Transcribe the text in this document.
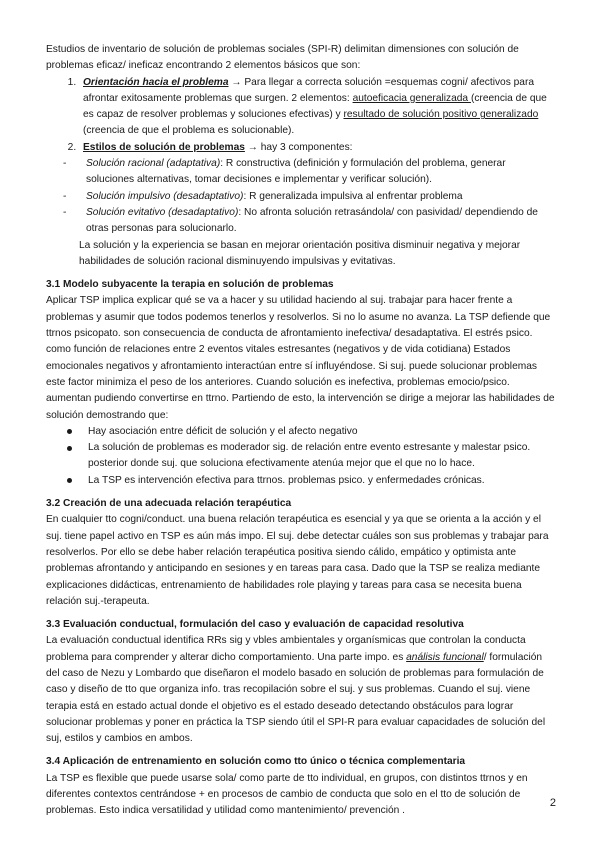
Estudios de inventario de solución de problemas sociales (SPI-R) delimitan dimensiones con solución de problemas eficaz/ ineficaz encontrando 2 elementos básicos que son:

1. Orientación hacia el problema → Para llegar a correcta solución =esquemas cogni/ afectivos para afrontar exitosamente problemas que surgen. 2 elementos: autoeficacia generalizada (creencia de que es capaz de resolver problemas y soluciones efectivas) y resultado de solución positivo generalizado (creencia de que el problema es solucionable).
2. Estilos de solución de problemas → hay 3 componentes:
- Solución racional (adaptativa): R constructiva (definición y formulación del problema, generar soluciones alternativas, tomar decisiones e implementar y verificar solución).
- Solución impulsivo (desadaptativo): R generalizada impulsiva al enfrentar problema
- Solución evitativo (desadaptativo): No afronta solución retrasándola/ con pasividad/ dependiendo de otras personas para solucionarlo.

La solución y la experiencia se basan en mejorar orientación positiva disminuir negativa y mejorar habilidades de solución racional disminuyendo impulsivas y evitativas.

3.1 Modelo subyacente la terapia en solución de problemas

Aplicar TSP implica explicar qué se va a hacer y su utilidad haciendo al suj. trabajar para hacer frente a problemas y asumir que todos podemos tenerlos y resolverlos. Si no lo asume no avanza. La TSP defiende que ttrnos psicopato. son consecuencia de conducta de afrontamiento inefectiva/ desadaptativa. El estrés psico. como función de relaciones entre 2 eventos vitales estresantes (negativos y de vida cotidiana) Estados emocionales negativos y afrontamiento interactúan entre sí influyéndose. Si suj. puede solucionar problemas este factor minimiza el peso de los anteriores. Cuando solución es inefectiva, problemas emocio/psico. aumentan pudiendo convertirse en ttrno. Partiendo de esto, la intervención se dirige a mejorar las habilidades de solución demostrando que:

Hay asociación entre déficit de solución y el afecto negativo
La solución de problemas es moderador sig. de relación entre evento estresante y malestar psico. posterior donde suj. que soluciona efectivamente atenúa mejor que el que no lo hace.
La TSP es intervención efectiva para ttrnos. problemas psico. y enfermedades crónicas.
3.2 Creación de una adecuada relación terapéutica

En cualquier tto cogni/conduct. una buena relación terapéutica es esencial y ya que se orienta a la acción y el suj. tiene papel activo en TSP es aún más impo. El suj. debe detectar cuáles son sus problemas y trabajar para resolverlos. Por ello se debe haber relación terapéutica positiva siendo cálido, empático y optimista ante problemas afrontando y anticipando en sesiones y en tareas para casa. Dado que la TSP se realiza mediante explicaciones didácticas, entrenamiento de habilidades role playing y tareas para casa se necesita buena relación suj.-terapeuta.

3.3 Evaluación conductual, formulación del caso y evaluación de capacidad resolutiva

La evaluación conductual identifica RRs sig y vbles ambientales y organísmicas que controlan la conducta problema para comprender y alterar dicho comportamiento. Una parte impo. es análisis funcional/ formulación del caso de Nezu y Lombardo que diseñaron el modelo basado en solución de problemas para formulación de caso y diseño de tto que organiza info. tras recopilación sobre el suj. y sus problemas. Cuando el suj. viene terapia está en estado actual donde el objetivo es el estado deseado detectando obstáculos para lograr solucionar problemas y poner en práctica la TSP siendo útil el SPI-R para evaluar capacidades de solución del suj, estilos y cambios en ambos.

3.4 Aplicación de entrenamiento en solución como tto único o técnica complementaria

La TSP es flexible que puede usarse sola/ como parte de tto individual, en grupos, con distintos ttrnos y en diferentes contextos centrándose + en procesos de cambio de conducta que solo en el tto de solución de problemas. Esto indica versatilidad y utilidad como mantenimiento/ prevención .

2
